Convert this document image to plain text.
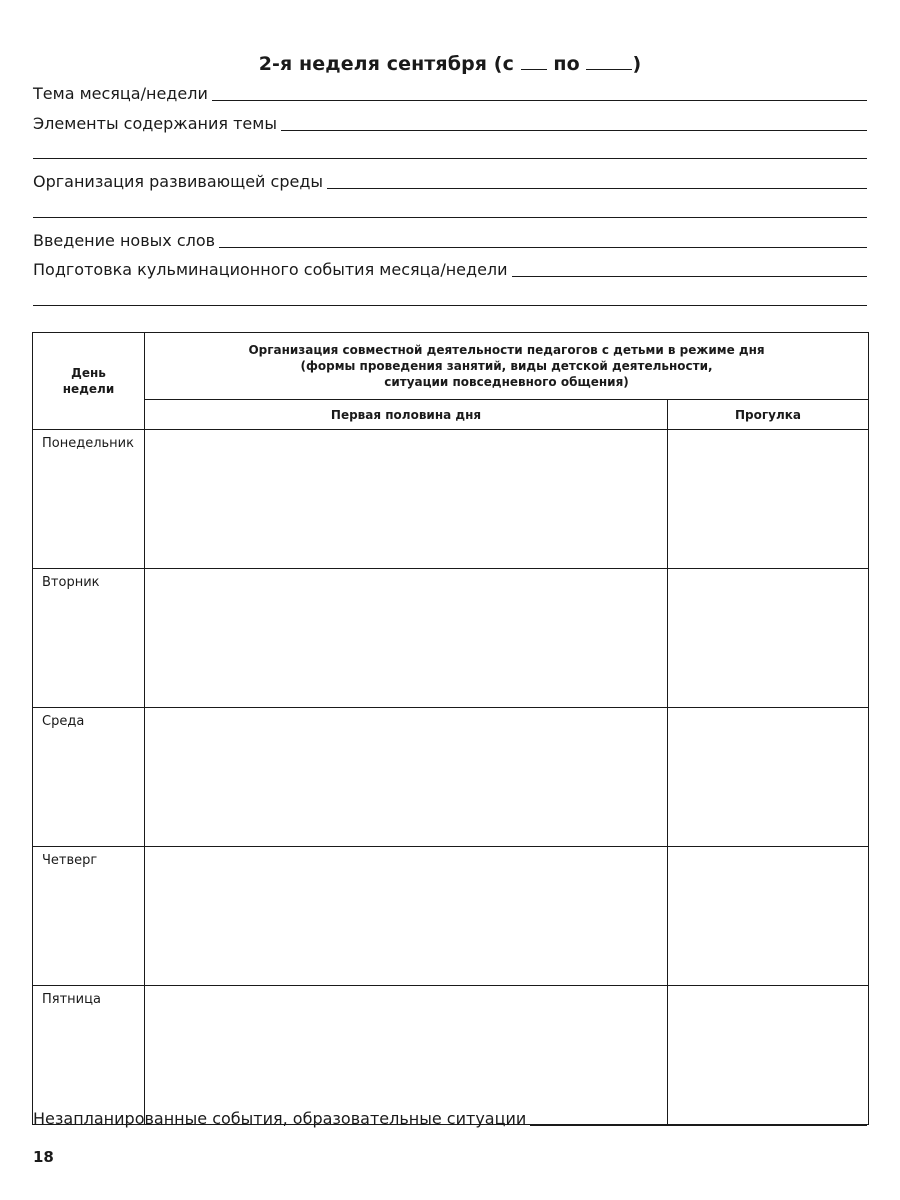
2-я неделя сентября (с по	)
Тема месяца/недели
Элементы содержания темы
Организация развивающей среды
Введение новых слов
Подготовка кульминационного события месяца/недели
День
недели	Организация совместной деятельности педагогов с детьми в режиме дня
(формы проведения занятий, виды детской деятельности,
ситуации повседневного общения)	
	Первая половина дня	Прогулка
Понедельник		
Вторник		
Среда		
Четверг		
Пятница		
Незапланированные события, образовательные ситуации
18
